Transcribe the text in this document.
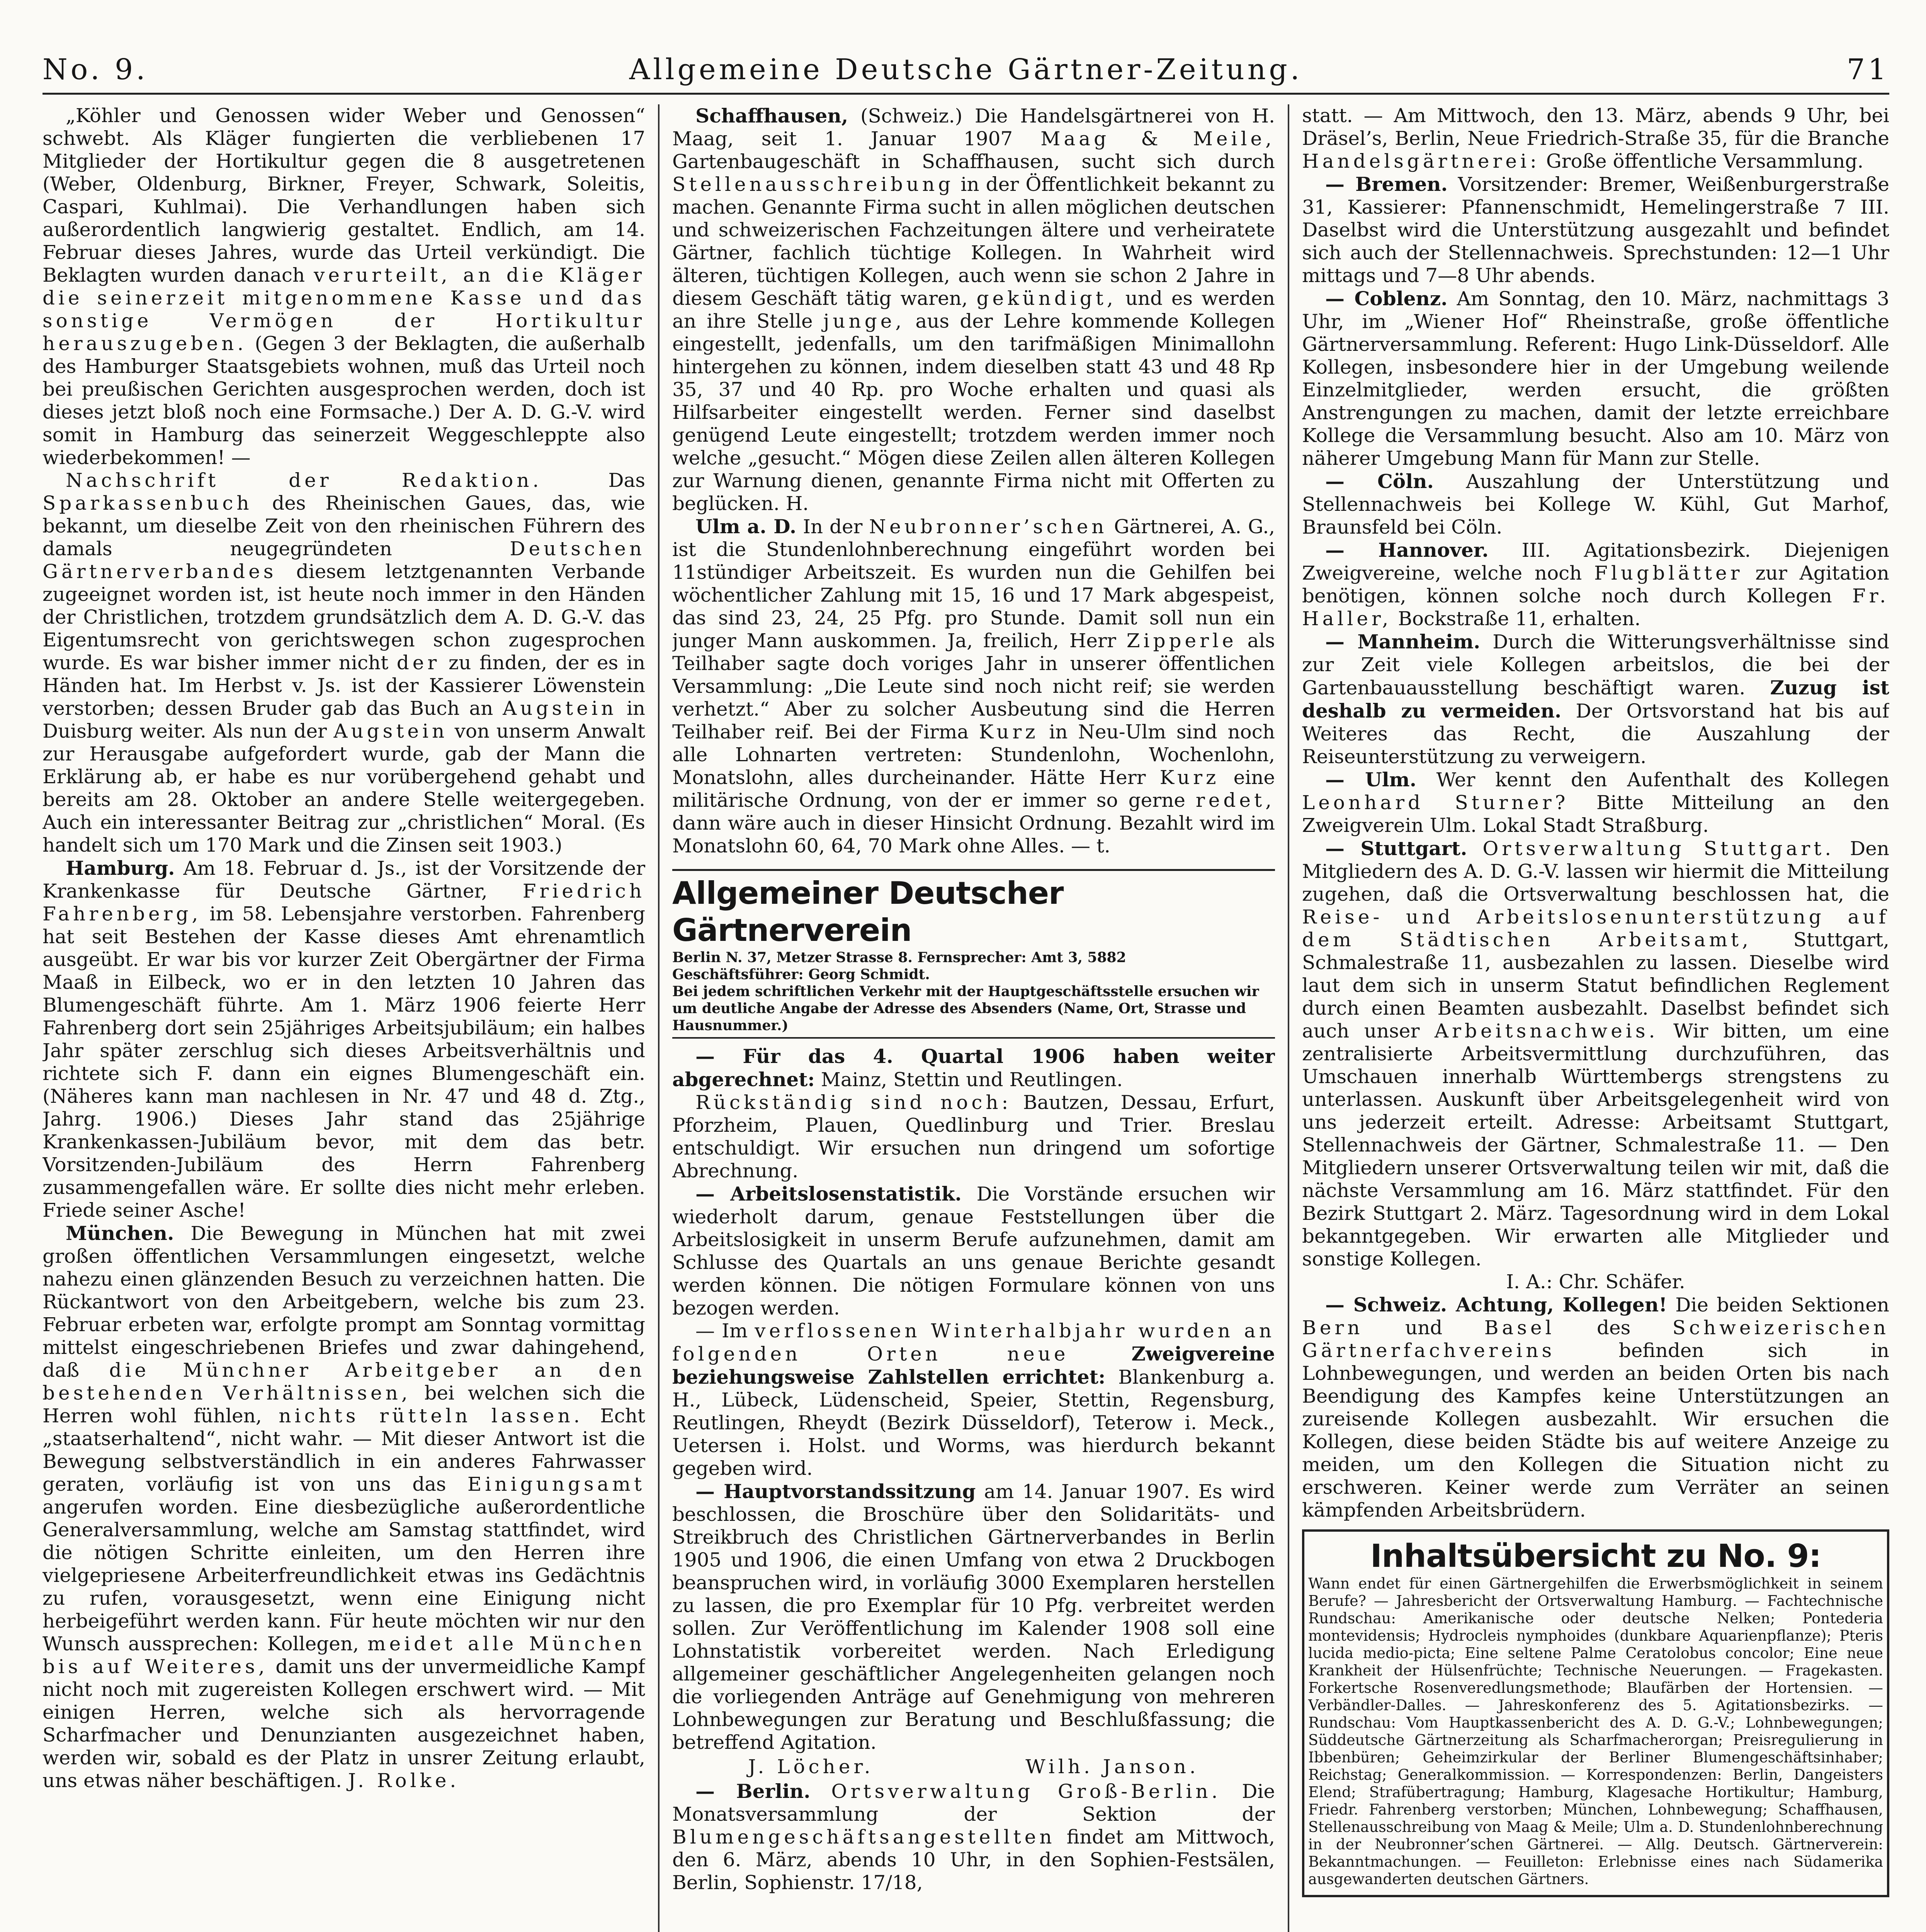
No. 9.	Allgemeine Deutsche Gärtner-Zeitung.	71

„Köhler und Genossen wider Weber und Genossen“ schwebt. Als Kläger fungierten die verbliebenen 17 Mitglieder der Hortikultur gegen die 8 ausgetretenen (Weber, Oldenburg, Birkner, Freyer, Schwark, Soleitis, Caspari, Kuhlmai). Die Verhandlungen haben sich außerordentlich langwierig gestaltet. Endlich, am 14. Februar dieses Jahres, wurde das Urteil verkündigt. Die Beklagten wurden danach verurteilt, an die Kläger die seinerzeit mitgenommene Kasse und das sonstige Vermögen der Hortikultur herauszugeben. (Gegen 3 der Beklagten, die außerhalb des Hamburger Staatsgebiets wohnen, muß das Urteil noch bei preußischen Gerichten ausgesprochen werden, doch ist dieses jetzt bloß noch eine Formsache.) Der A. D. G.-V. wird somit in Hamburg das seinerzeit Weggeschleppte also wiederbekommen! —

Nachschrift der Redaktion.	Das Sparkassenbuch des Rheinischen Gaues, das, wie bekannt, um dieselbe Zeit von den rheinischen Führern des damals neugegründeten	Deutschen Gärtnerverbandes diesem letztgenannten Verbande zugeeignet worden ist, ist heute noch immer in den Händen der Christlichen, trotzdem grundsätzlich dem A. D. G.-V. das Eigentumsrecht von gerichtswegen schon zugesprochen wurde. Es war bisher immer nicht der zu finden, der es in Händen hat. Im Herbst v. Js. ist der Kassierer Löwenstein verstorben; dessen Bruder gab das Buch an Augstein in Duisburg weiter. Als nun der Augstein von unserm Anwalt zur Herausgabe aufgefordert wurde, gab der Mann die Erklärung ab, er habe es nur vorübergehend gehabt und bereits am 28. Oktober an andere Stelle weitergegeben. Auch ein interessanter Beitrag zur „christlichen“ Moral. (Es handelt sich um 170 Mark und die Zinsen seit 1903.)

Hamburg. Am 18. Februar d. Js., ist der Vorsitzende der Krankenkasse für Deutsche Gärtner, Friedrich Fahrenberg, im 58. Lebensjahre verstorben. Fahrenberg hat seit Bestehen der Kasse dieses Amt ehrenamtlich ausgeübt. Er war bis vor kurzer Zeit Obergärtner der Firma Maaß in Eilbeck, wo er in den letzten 10 Jahren das Blumengeschäft führte. Am 1. März 1906 feierte Herr Fahrenberg dort sein 25jähriges Arbeitsjubiläum; ein halbes Jahr später zerschlug sich dieses Arbeitsverhältnis und richtete sich F. dann ein eignes Blumengeschäft ein. (Näheres kann man nachlesen in Nr. 47 und 48 d. Ztg., Jahrg. 1906.) Dieses Jahr stand das 25jährige Krankenkassen-Jubiläum bevor, mit dem das betr. Vorsitzenden-Jubiläum des Herrn Fahrenberg zusammengefallen wäre. Er sollte dies nicht mehr erleben. Friede seiner Asche!

München. Die Bewegung in München hat mit zwei großen öffentlichen Versammlungen eingesetzt, welche nahezu einen glänzenden Besuch zu verzeichnen hatten. Die Rückantwort von den Arbeitgebern, welche bis zum 23. Februar erbeten war, erfolgte prompt am Sonntag vormittag mittelst eingeschriebenen Briefes und zwar dahingehend, daß die Münchner Arbeitgeber an den bestehenden Verhältnissen, bei welchen sich die Herren wohl fühlen, nichts rütteln lassen. Echt „staatserhaltend“, nicht wahr. — Mit dieser Antwort ist die Bewegung selbstverständlich in ein anderes Fahrwasser geraten, vorläufig ist von uns das Einigungsamt angerufen worden. Eine diesbezügliche außerordentliche Generalversammlung, welche am Samstag stattfindet, wird die nötigen Schritte einleiten, um den Herren ihre vielgepriesene Arbeiterfreundlichkeit etwas ins Gedächtnis zu rufen, vorausgesetzt, wenn eine Einigung nicht herbeigeführt werden kann. Für heute möchten wir nur den Wunsch aussprechen: Kollegen, meidet alle München bis auf Weiteres, damit uns der unvermeidliche Kampf nicht noch mit zugereisten Kollegen erschwert wird. — Mit einigen Herren, welche sich als hervorragende Scharfmacher und Denunzianten ausgezeichnet haben, werden wir, sobald es der Platz in unsrer Zeitung erlaubt, uns etwas näher beschäftigen. J. Rolke.

Schaffhausen, (Schweiz.) Die Handelsgärtnerei von H. Maag, seit 1. Januar 1907 Maag & Meile, Gartenbaugeschäft in Schaffhausen, sucht sich durch Stellenausschreibung in der Öffentlichkeit bekannt zu machen. Genannte Firma sucht in allen möglichen deutschen und schweizerischen Fachzeitungen ältere und verheiratete Gärtner, fachlich tüchtige Kollegen. In Wahrheit wird älteren, tüchtigen Kollegen, auch wenn sie schon 2 Jahre in diesem Geschäft tätig waren, gekündigt, und es werden an ihre Stelle junge, aus der Lehre kommende Kollegen eingestellt, jedenfalls, um den tarifmäßigen Minimallohn hintergehen zu können, indem dieselben statt 43 und 48 Rp 35, 37 und 40 Rp. pro Woche erhalten und quasi als Hilfsarbeiter eingestellt werden. Ferner sind daselbst genügend Leute eingestellt; trotzdem werden immer noch welche „gesucht.“ Mögen diese Zeilen allen älteren Kollegen zur Warnung dienen, genannte Firma nicht mit Offerten zu beglücken. H.

Ulm a. D. In der Neubronner’schen Gärtnerei, A. G., ist die Stundenlohnberechnung eingeführt worden bei 11stündiger Arbeitszeit. Es wurden nun die Gehilfen bei wöchentlicher Zahlung mit 15, 16 und 17 Mark abgespeist, das sind 23, 24, 25 Pfg. pro Stunde. Damit soll nun ein junger Mann auskommen. Ja, freilich, Herr Zipperle als Teilhaber sagte doch voriges Jahr in unserer öffentlichen Versammlung: „Die Leute sind noch nicht reif; sie werden verhetzt.“ Aber zu solcher Ausbeutung sind die Herren Teilhaber reif. Bei der Firma Kurz in Neu-Ulm sind noch alle Lohnarten vertreten: Stundenlohn, Wochenlohn, Monatslohn, alles durcheinander. Hätte Herr Kurz eine militärische Ordnung, von der er immer so gerne redet, dann wäre auch in dieser Hinsicht Ordnung. Bezahlt wird im Monatslohn 60, 64, 70 Mark ohne Alles. — t.

Allgemeiner Deutscher Gärtnerverein

Berlin N. 37, Metzer Strasse 8. Fernsprecher: Amt 3, 5882

Geschäftsführer: Georg Schmidt.

Bei jedem schriftlichen Verkehr mit der Hauptgeschäftsstelle ersuchen wir um deutliche Angabe der Adresse des Absenders (Name, Ort, Strasse und Hausnummer.)

— Für das 4. Quartal 1906 haben weiter abgerechnet: Mainz, Stettin und Reutlingen.

Rückständig sind noch: Bautzen, Dessau, Erfurt, Pforzheim, Plauen, Quedlinburg und Trier. Breslau entschuldigt. Wir ersuchen nun dringend um sofortige Abrechnung.

— Arbeitslosenstatistik. Die Vorstände ersuchen wir wiederholt darum, genaue Feststellungen über die Arbeitslosigkeit in unserm Berufe aufzunehmen, damit am Schlusse des Quartals an uns genaue Berichte gesandt werden können. Die nötigen Formulare können von uns bezogen werden.

— Im verflossenen Winterhalbjahr wurden an folgenden Orten neue	Zweigvereine beziehungsweise Zahlstellen errichtet: Blankenburg a. H., Lübeck, Lüdenscheid, Speier, Stettin, Regensburg, Reutlingen, Rheydt (Bezirk Düsseldorf), Teterow i. Meck., Uetersen i. Holst. und Worms, was hierdurch bekannt gegeben wird.

— Hauptvorstandssitzung am 14. Januar 1907. Es wird beschlossen, die Broschüre über den Solidaritäts- und Streikbruch des Christlichen Gärtnerverbandes in Berlin 1905 und 1906, die einen Umfang von etwa 2 Druckbogen beanspruchen wird, in vorläufig 3000 Exemplaren herstellen zu lassen, die pro Exemplar für 10 Pfg. verbreitet werden sollen. Zur Veröffentlichung im Kalender 1908 soll eine Lohnstatistik vorbereitet werden. Nach Erledigung allgemeiner geschäftlicher Angelegenheiten gelangen noch die vorliegenden Anträge auf Genehmigung von mehreren Lohnbewegungen zur Beratung und Beschlußfassung; die betreffend Agitation.

J. Löcher.	Wilh. Janson.

— Berlin. Ortsverwaltung Groß-Berlin. Die Monatsversammlung der Sektion der Blumengeschäftsangestellten findet am Mittwoch, den 6. März, abends 10 Uhr, in den Sophien-Festsälen, Berlin, Sophienstr. 17/18,

statt. — Am Mittwoch, den 13. März, abends 9 Uhr, bei Dräsel’s, Berlin, Neue Friedrich-Straße 35, für die Branche Handelsgärtnerei: Große öffentliche Versammlung.

— Bremen. Vorsitzender: Bremer, Weißenburgerstraße 31, Kassierer: Pfannenschmidt, Hemelingerstraße 7 III. Daselbst wird die Unterstützung ausgezahlt und befindet sich auch der Stellennachweis. Sprechstunden: 12—1 Uhr mittags und 7—8 Uhr abends.

— Coblenz. Am Sonntag, den 10. März, nachmittags 3 Uhr, im „Wiener Hof“ Rheinstraße, große öffentliche Gärtnerversammlung. Referent: Hugo Link-Düsseldorf. Alle Kollegen, insbesondere hier in der Umgebung weilende Einzelmitglieder, werden ersucht, die größten Anstrengungen zu machen, damit der letzte erreichbare Kollege die Versammlung besucht. Also am 10. März von näherer Umgebung Mann für Mann zur Stelle.

— Cöln. Auszahlung der Unterstützung und Stellennachweis bei Kollege W. Kühl, Gut Marhof, Braunsfeld bei Cöln.

— Hannover. III. Agitationsbezirk. Diejenigen Zweigvereine, welche noch Flugblätter zur Agitation benötigen, können solche noch durch Kollegen Fr. Haller, Bockstraße 11, erhalten.

— Mannheim. Durch die Witterungsverhältnisse sind zur Zeit viele Kollegen arbeitslos, die bei der Gartenbauausstellung beschäftigt waren. Zuzug ist deshalb zu vermeiden. Der Ortsvorstand hat bis auf Weiteres das Recht, die Auszahlung der Reiseunterstützung zu verweigern.

— Ulm. Wer kennt den Aufenthalt des Kollegen Leonhard Sturner? Bitte Mitteilung an den Zweigverein Ulm. Lokal Stadt Straßburg.

— Stuttgart. Ortsverwaltung Stuttgart. Den Mitgliedern des A. D. G.-V. lassen wir hiermit die Mitteilung zugehen, daß die Ortsverwaltung beschlossen hat, die Reise- und Arbeitslosenunterstützung auf dem Städtischen Arbeitsamt, Stuttgart, Schmalestraße 11, ausbezahlen zu lassen. Dieselbe wird laut dem sich in unserm Statut befindlichen Reglement durch einen Beamten ausbezahlt. Daselbst befindet sich auch unser Arbeitsnachweis. Wir bitten, um eine zentralisierte Arbeitsvermittlung durchzuführen, das Umschauen innerhalb Württembergs strengstens zu unterlassen. Auskunft über Arbeitsgelegenheit wird von uns jederzeit erteilt. Adresse: Arbeitsamt Stuttgart, Stellennachweis der Gärtner, Schmalestraße 11. — Den Mitgliedern unserer Ortsverwaltung teilen wir mit, daß die nächste Versammlung am 16. März stattfindet. Für den Bezirk Stuttgart 2. März. Tagesordnung wird in dem Lokal bekanntgegeben. Wir erwarten alle Mitglieder und sonstige Kollegen.

I. A.: Chr. Schäfer.

— Schweiz. Achtung, Kollegen! Die beiden Sektionen Bern und Basel des Schweizerischen Gärtnerfachvereins	befinden sich in Lohnbewegungen, und werden an beiden Orten bis nach Beendigung des Kampfes keine Unterstützungen an zureisende Kollegen ausbezahlt. Wir ersuchen die Kollegen, diese beiden Städte bis auf weitere Anzeige zu meiden, um den Kollegen die Situation nicht zu erschweren. Keiner werde zum Verräter an seinen kämpfenden Arbeitsbrüdern.

Inhaltsübersicht zu No. 9:

Wann endet für einen Gärtnergehilfen die Erwerbsmöglichkeit in seinem Berufe? — Jahresbericht der Ortsverwaltung Hamburg. — Fachtechnische Rundschau: Amerikanische oder deutsche Nelken; Pontederia montevidensis; Hydrocleis nymphoides (dunkbare Aquarienpflanze); Pteris lucida medio-picta; Eine seltene Palme Ceratolobus concolor; Eine neue Krankheit der Hülsenfrüchte; Technische Neuerungen. — Fragekasten. Forkertsche Rosenveredlungsmethode; Blaufärben der Hortensien. — Verbändler-Dalles. — Jahreskonferenz des 5. Agitationsbezirks. — Rundschau: Vom Hauptkassenbericht des A. D. G.-V.; Lohnbewegungen; Süddeutsche Gärtnerzeitung als Scharfmacherorgan; Preisregulierung in Ibbenbüren; Geheimzirkular der Berliner Blumengeschäftsinhaber; Reichstag; Generalkommission. — Korrespondenzen: Berlin, Dangeisters Elend; Strafübertragung; Hamburg, Klagesache Hortikultur; Hamburg, Friedr. Fahrenberg verstorben; München, Lohnbewegung; Schaffhausen, Stellenausschreibung von Maag & Meile; Ulm a. D. Stundenlohnberechnung in der Neubronner’schen Gärtnerei. — Allg. Deutsch. Gärtnerverein: Bekanntmachungen. — Feuilleton: Erlebnisse eines nach Südamerika ausgewanderten deutschen Gärtners.
